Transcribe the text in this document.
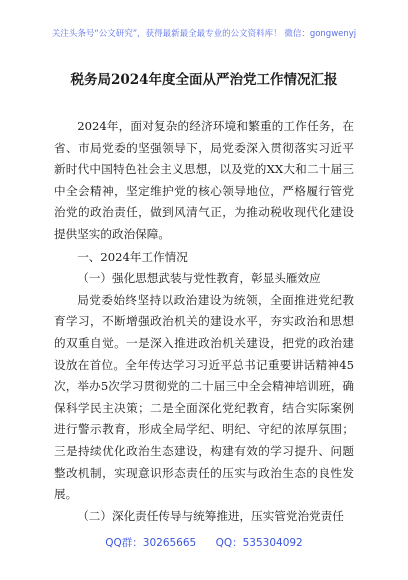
关注头条号“公文研究”，获得最新最全最专业的公文资料库！ 微信：gongwenyj
税务局2024年度全面从严治党工作情况汇报

2024年，面对复杂的经济环境和繁重的工作任务，在省、市局党委的坚强领导下，局党委深入贯彻落实习近平新时代中国特色社会主义思想，以及党的XX大和二十届三中全会精神，坚定维护党的核心领导地位，严格履行管党治党的政治责任，做到风清气正，为推动税收现代化建设提供坚实的政治保障。

一、2024年工作情况

（一）强化思想武装与党性教育，彰显头雁效应

局党委始终坚持以政治建设为统领，全面推进党纪教育学习，不断增强政治机关的建设水平，夯实政治和思想的双重自觉。一是深入推进政治机关建设，把党的政治建设放在首位。全年传达学习习近平总书记重要讲话精神45次，举办5次学习贯彻党的二十届三中全会精神培训班，确保科学民主决策；二是全面深化党纪教育，结合实际案例进行警示教育，形成全局学纪、明纪、守纪的浓厚氛围；三是持续优化政治生态建设，构建有效的学习提升、问题整改机制，实现意识形态责任的压实与政治生态的良性发展。

（二）深化责任传导与统筹推进，压实管党治党责任

QQ群：30265665 QQ：535304092
